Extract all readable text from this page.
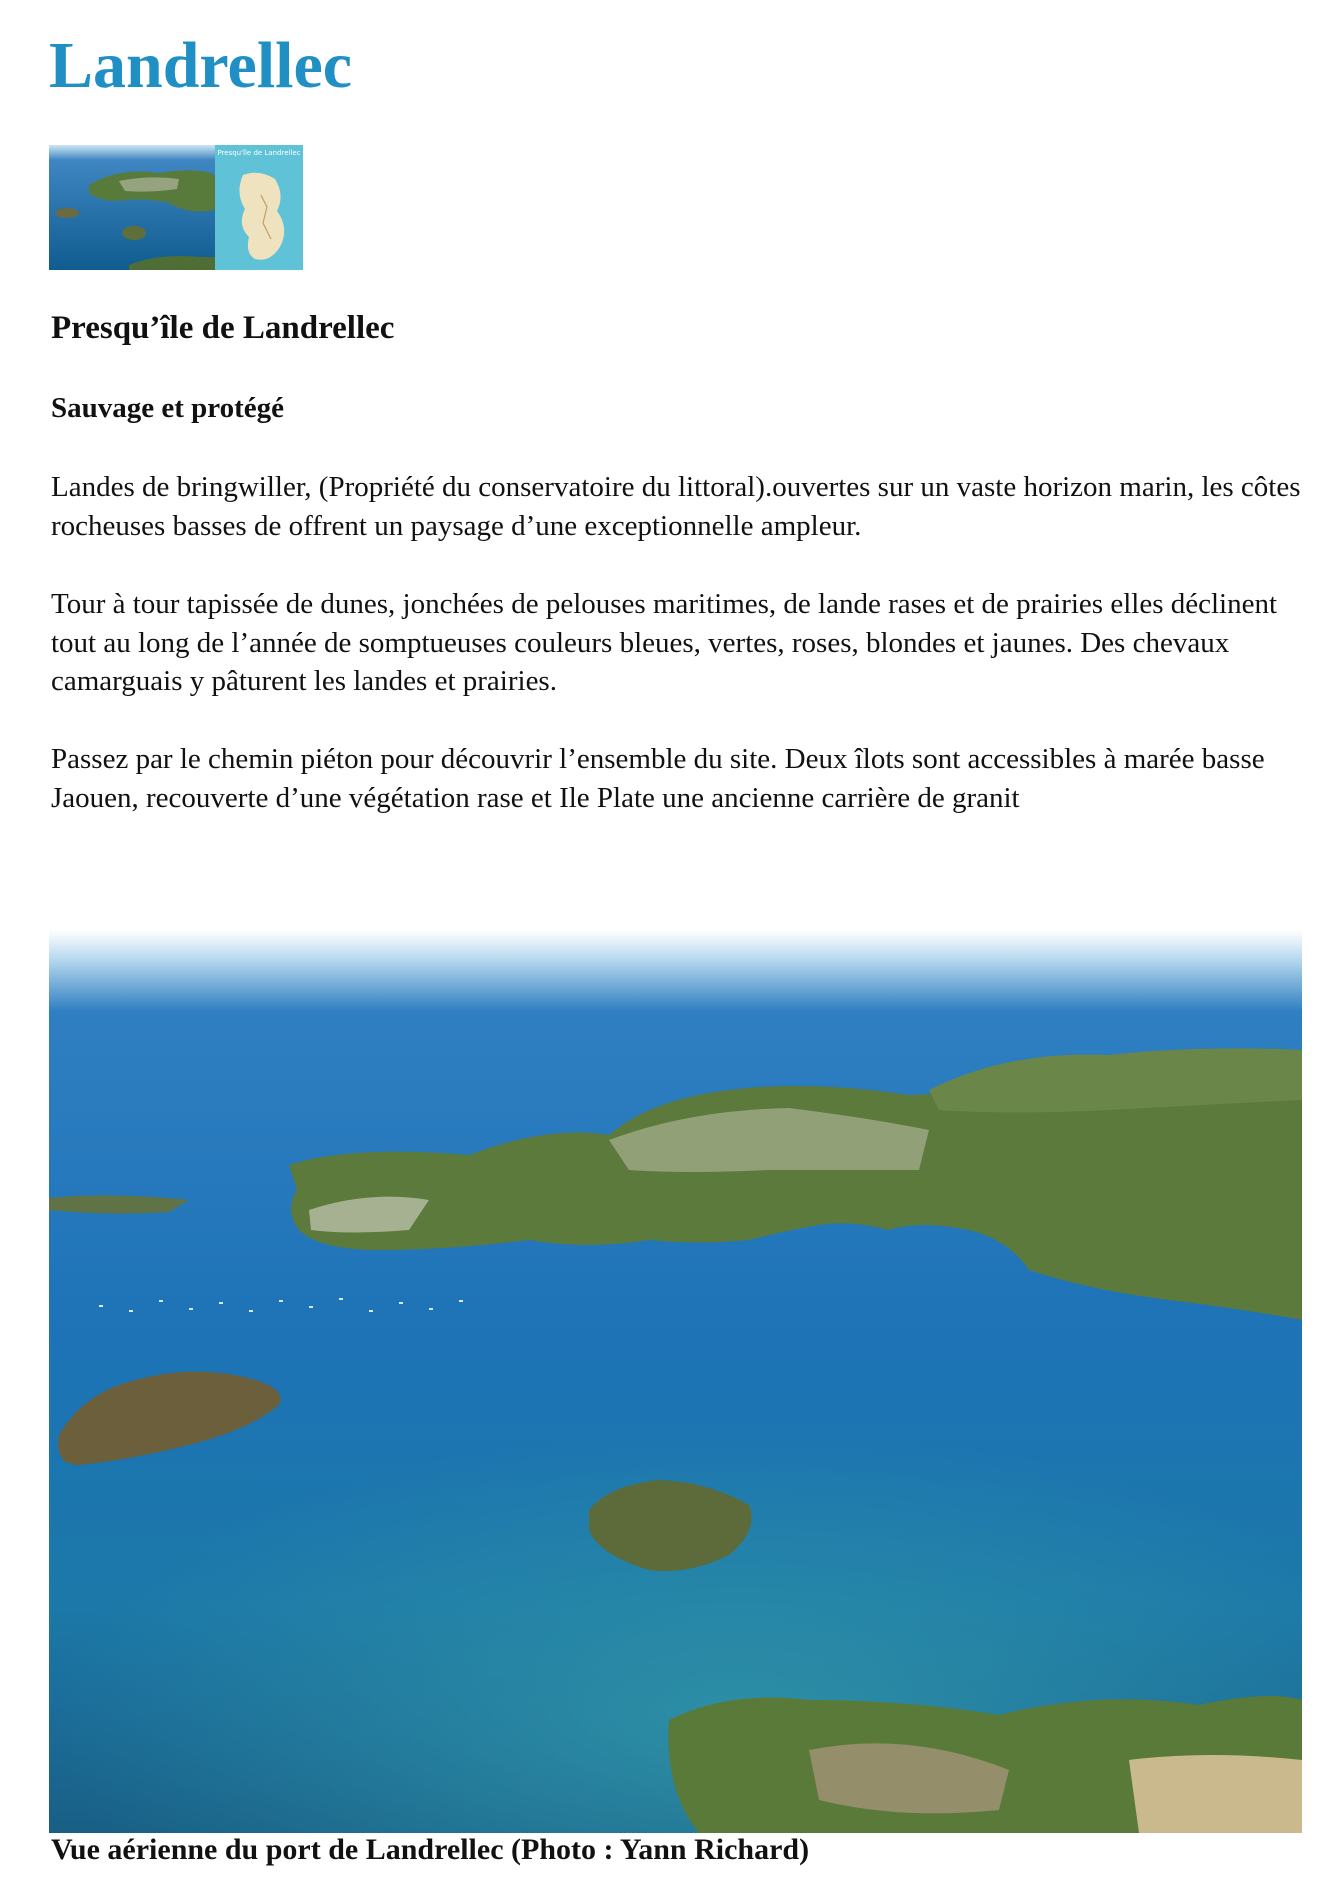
Landrellec
Presqu'île de Landrellec
Presqu’île de Landrellec
Sauvage et protégé

Landes de bringwiller, (Propriété du conservatoire du littoral).ouvertes sur un vaste horizon marin, les côtes rocheuses basses de offrent un paysage d’une exceptionnelle ampleur.

Tour à tour tapissée de dunes, jonchées de pelouses maritimes, de lande rases et de prairies elles déclinent tout au long de l’année de somptueuses couleurs bleues, vertes, roses, blondes et jaunes. Des chevaux camarguais y pâturent les landes et prairies.

Passez par le chemin piéton pour découvrir l’ensemble du site. Deux îlots sont accessibles à marée basse Jaouen, recouverte d’une végétation rase et Ile Plate une ancienne carrière de granit

Vue aérienne du port de Landrellec (Photo : Yann Richard)
